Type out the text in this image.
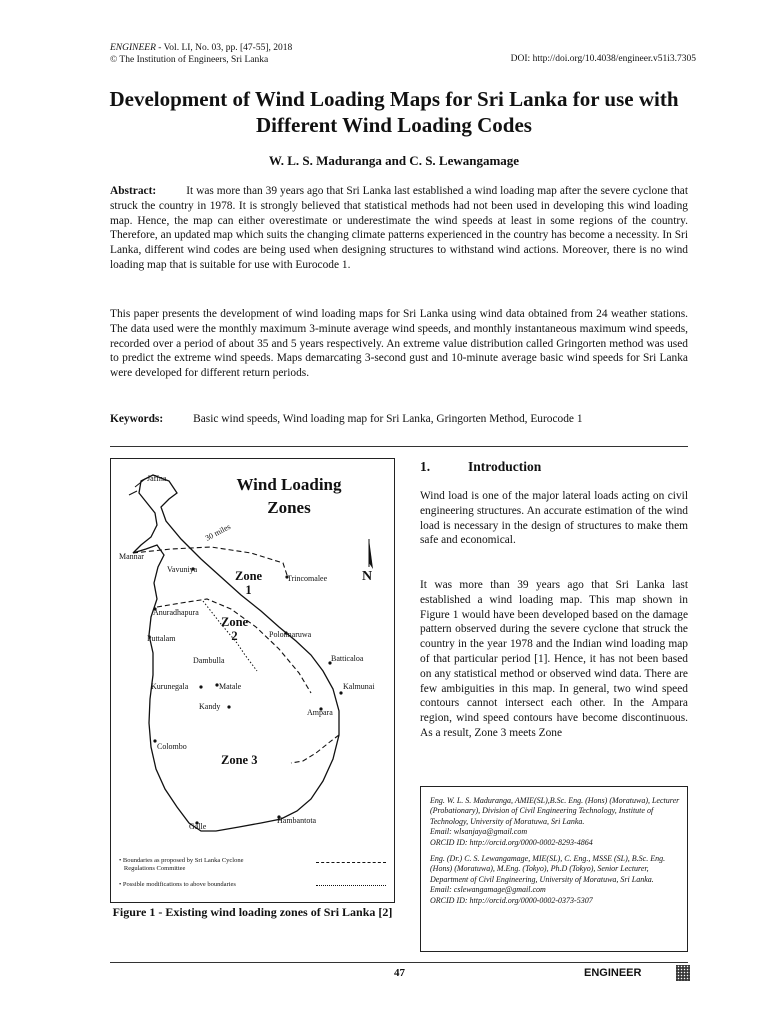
ENGINEER - Vol. LI, No. 03, pp. [47-55], 2018
© The Institution of Engineers, Sri Lanka	DOI: http://doi.org/10.4038/engineer.v51i3.7305
Development of Wind Loading Maps for Sri Lanka for use with Different Wind Loading Codes
W. L. S. Maduranga and C. S. Lewangamage
Abstract:	It was more than 39 years ago that Sri Lanka last established a wind loading map after the severe cyclone that struck the country in 1978. It is strongly believed that statistical methods had not been used in developing this wind loading map. Hence, the map can either overestimate or underestimate the wind speeds at least in some regions of the country. Therefore, an updated map which suits the changing climate patterns experienced in the country has become a necessity. In Sri Lanka, different wind codes are being used when designing structures to withstand wind actions. Moreover, there is no wind loading map that is suitable for use with Eurocode 1.
This paper presents the development of wind loading maps for Sri Lanka using wind data obtained from 24 weather stations. The data used were the monthly maximum 3-minute average wind speeds, and monthly instantaneous maximum wind speeds, recorded over a period of about 35 and 5 years respectively. An extreme value distribution called Gringorten method was used to predict the extreme wind speeds. Maps demarcating 3-second gust and 10-minute average basic wind speeds for Sri Lanka were developed for different return periods.
Keywords:	Basic wind speeds, Wind loading map for Sri Lanka, Gringorten Method, Eurocode 1
30 miles
Jaffna
Mannar
Vavuniya
Trincomalee
Anuradhapura
Puttalam	Polonnaruwa
Batticaloa
Dambulla
Kurunegala	Matale	Kalmunai
Kandy
Ampara
Colombo
Hambantota
Galle
Wind Loading
Zones
N
Zone
1
Zone
2
Zone 3
• Boundaries as proposed by Sri Lanka Cyclone
Regulations Committee
• Possible modifications to above boundaries
Figure 1 - Existing wind loading zones of Sri Lanka [2]
1.	Introduction
Wind load is one of the major lateral loads acting on civil engineering structures. An accurate estimation of the wind load is necessary in the design of structures to make them safe and economical.
It was more than 39 years ago that Sri Lanka last established a wind loading map. This map shown in Figure 1 would have been developed based on the damage pattern observed during the severe cyclone that struck the country in the year 1978 and the Indian wind loading map of that particular period [1]. Hence, it has not been based on any statistical method or observed wind data. There are few ambiguities in this map. In general, two wind speed contours cannot intersect each other. In the Ampara region, wind speed contours have become discontinuous. As a result, Zone 3 meets Zone

Eng. W. L. S. Maduranga, AMIE(SL),B.Sc. Eng. (Hons) (Moratuwa), Lecturer (Probationary), Division of Civil Engineering Technology, Institute of Technology, University of Moratuwa, Sri Lanka.
Email: wlsanjaya@gmail.com
ORCID ID: http://orcid.org/0000-0002-8293-4864

Eng. (Dr.) C. S. Lewangamage, MIE(SL), C. Eng., MSSE (SL), B.Sc. Eng. (Hons) (Moratuwa), M.Eng. (Tokyo), Ph.D (Tokyo), Senior Lecturer, Department of Civil Engineering, University of Moratuwa, Sri Lanka.
Email: cslewangamage@gmail.com
ORCID ID: http://orcid.org/0000-0002-0373-5307

47	ENGINEER
